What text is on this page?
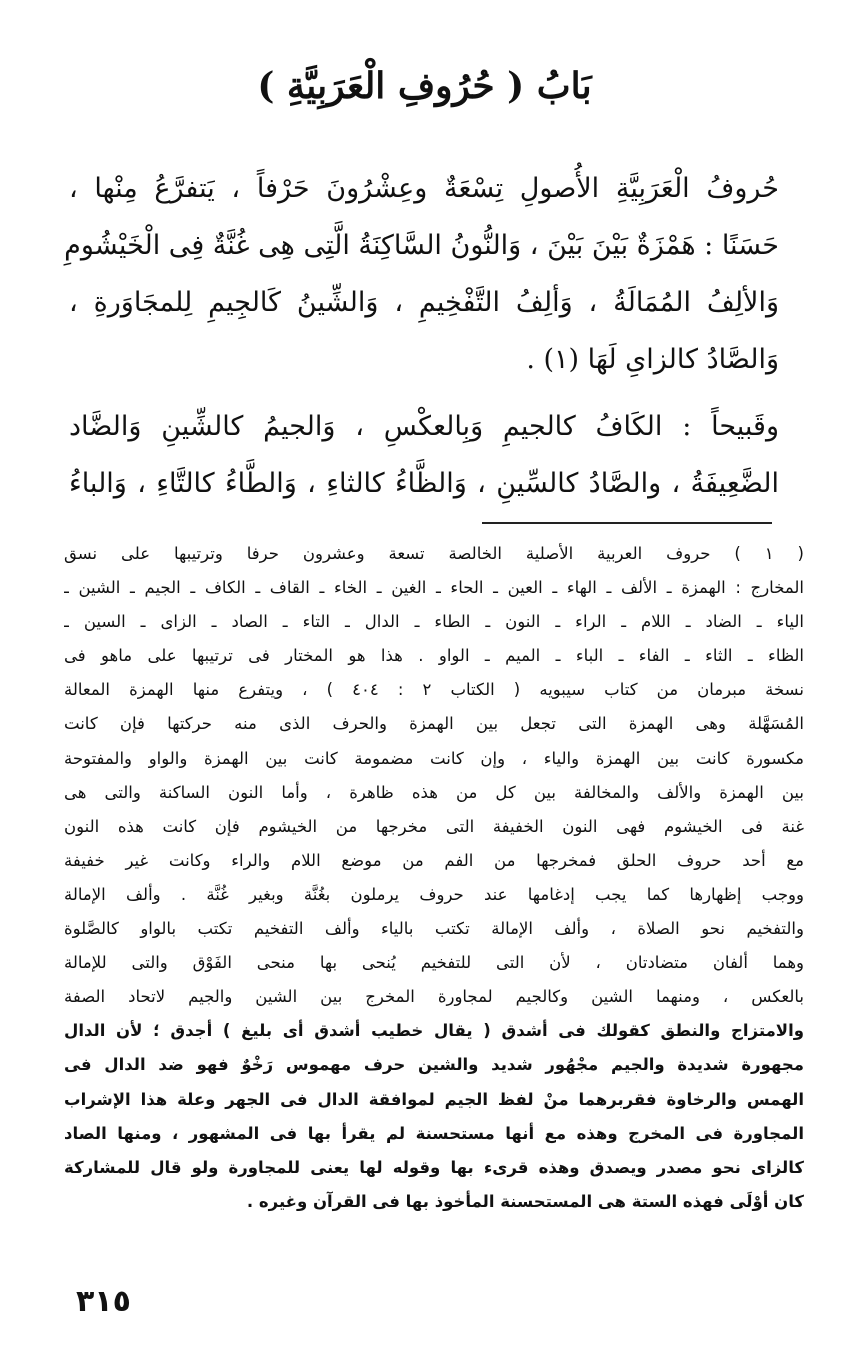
بَابُ ( حُرُوفِ الْعَرَبِيَّةِ )
حُروفُ الْعَرَبِيَّةِ الأُصولِ تِسْعَةٌ وعِشْرُونَ حَرْفاً ، يَتفرَّعُ مِنْها ،
حَسَنًا : هَمْزَةٌ بَيْنَ بَيْنَ ، وَالنُّونُ السَّاكِنَةُ الَّتِى هِى غُنَّةٌ فِى الْخَيْشُومِ
وَالألِفُ المُمَالَةُ ، وَألِفُ التَّفْخِيمِ ، وَالشِّينُ كَالجِيمِ لِلمجَاوَرةِ ،
وَالصَّادُ كالزاىِ لَهَا (١) .
وقَبيحاً : الكَافُ كالجيمِ وَبِالعكْسِ ، وَالجيمُ كالشِّينِ وَالضَّاد
الضَّعِيفَةُ ، والصَّادُ كالسِّينِ ، وَالظَّاءُ كالثاءِ ، وَالطَّاءُ كالتَّاءِ ، وَالباءُ
( ١ ) حروف العربية الأصلية الخالصة تسعة وعشرون حرفا وترتيبها على نسق
المخارج : الهمزة ـ الألف ـ الهاء ـ العين ـ الحاء ـ الغين ـ الخاء ـ القاف ـ الكاف ـ الجيم ـ الشين ـ
الياء ـ الضاد ـ اللام ـ الراء ـ النون ـ الطاء ـ الدال ـ التاء ـ الصاد ـ الزاى ـ السين ـ
الظاء ـ الثاء ـ الفاء ـ الباء ـ الميم ـ الواو . هذا هو المختار فى ترتيبها على ماهو فى
نسخة مبرمان من كتاب سيبويه ( الكتاب ٢ : ٤٠٤ ) ، ويتفرع منها الهمزة المعالة
المُسَهَّلة وهى الهمزة التى تجعل بين الهمزة والحرف الذى منه حركتها فإن كانت
مكسورة كانت بين الهمزة والياء ، وإن كانت مضمومة كانت بين الهمزة والواو والمفتوحة
بين الهمزة والألف والمخالفة بين كل من هذه ظاهرة ، وأما النون الساكنة والتى هى
غنة فى الخيشوم فهى النون الخفيفة التى مخرجها من الخيشوم فإن كانت هذه النون
مع أحد حروف الحلق فمخرجها من الفم من موضع اللام والراء وكانت غير خفيفة
ووجب إظهارها كما يجب إدغامها عند حروف يرملون بغُنَّة وبغير غُنَّة . وألف الإمالة
والتفخيم نحو الصلاة ، وألف الإمالة تكتب بالياء وألف التفخيم تكتب بالواو كالصَّلوة
وهما ألفان متضادتان ، لأن التى للتفخيم يُنحى بها منحى الفَوْق والتى للإمالة
بالعكس ، ومنهما الشين وكالجيم لمجاورة المخرج بين الشين والجيم لاتحاد الصفة
والامتزاج والنطق كقولك فى أشدق ( يقال خطيب أشدق أى بليغ ) أجدق ؛ لأن الدال
مجهورة شديدة والجيم مجْهُور شديد والشين حرف مهموس رَخْوٌ فهو ضد الدال فى
الهمس والرخاوة فقربرهما منْ لفظ الجيم لموافقة الدال فى الجهر وعلة هذا الإشراب
المجاورة فى المخرج وهذه مع أنها مستحسنة لم يقرأ بها فى المشهور ، ومنها الصاد
كالزاى نحو مصدر ويصدق وهذه قرىء بها وقوله لها يعنى للمجاورة ولو قال للمشاركة
كان أوْلَى فهذه الستة هى المستحسنة المأخوذ بها فى القرآن وغيره .
٣١٥
